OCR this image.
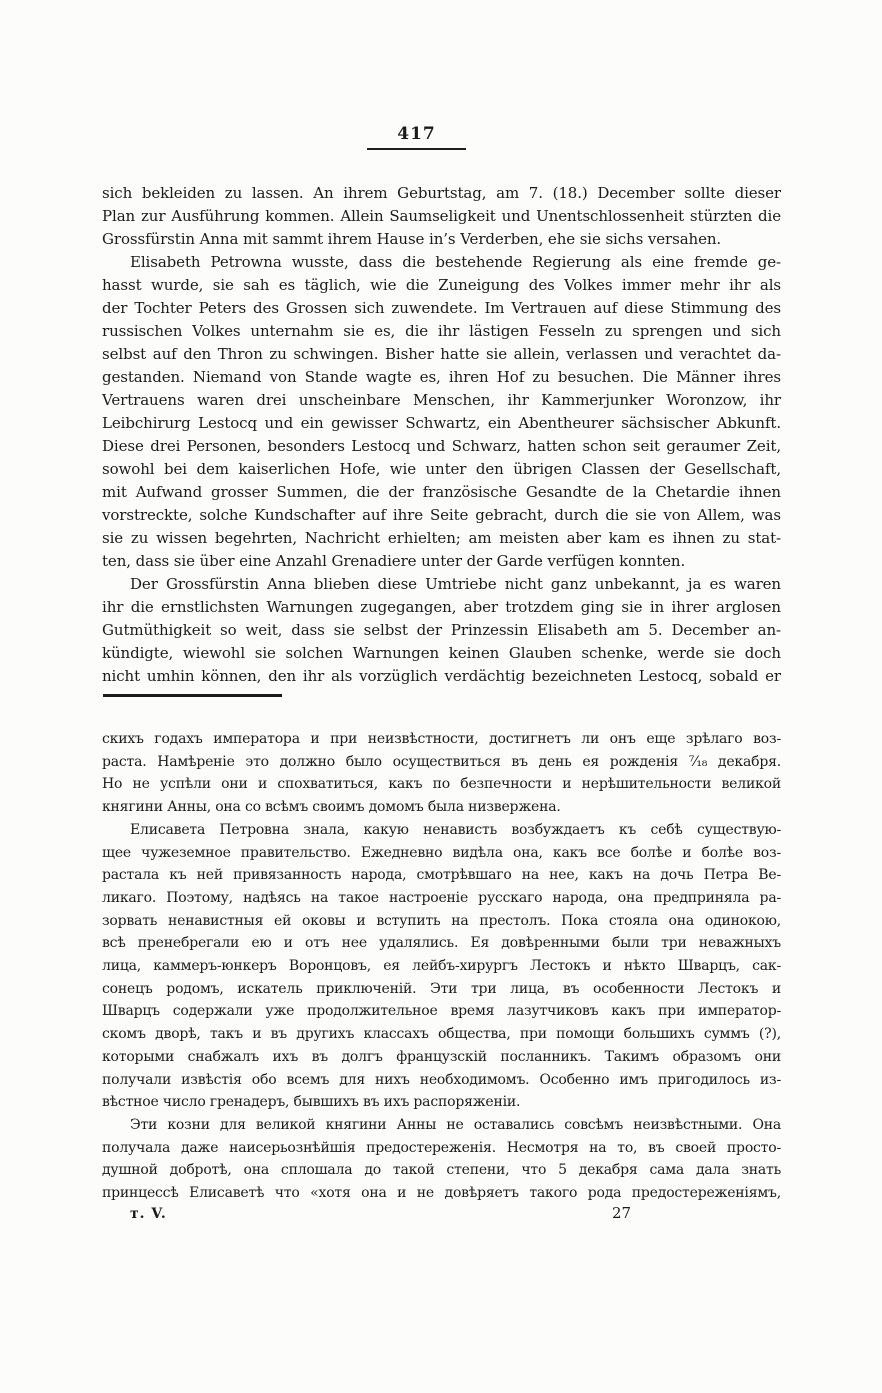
417
sich bekleiden zu lassen. An ihrem Geburtstag, am 7. (18.) December sollte dieser
Plan zur Ausführung kommen. Allein Saumseligkeit und Unentschlossenheit stürzten die
Grossfürstin Anna mit sammt ihrem Hause in’s Verderben, ehe sie sichs versahen.
Elisabeth Petrowna wusste, dass die bestehende Regierung als eine fremde ge-
hasst wurde, sie sah es täglich, wie die Zuneigung des Volkes immer mehr ihr als
der Tochter Peters des Grossen sich zuwendete. Im Vertrauen auf diese Stimmung des
russischen Volkes unternahm sie es, die ihr lästigen Fesseln zu sprengen und sich
selbst auf den Thron zu schwingen. Bisher hatte sie allein, verlassen und verachtet da-
gestanden. Niemand von Stande wagte es, ihren Hof zu besuchen. Die Männer ihres
Vertrauens waren drei unscheinbare Menschen, ihr Kammerjunker Woronzow, ihr
Leibchirurg Lestocq und ein gewisser Schwartz, ein Abentheurer sächsischer Abkunft.
Diese drei Personen, besonders Lestocq und Schwarz, hatten schon seit geraumer Zeit,
sowohl bei dem kaiserlichen Hofe, wie unter den übrigen Classen der Gesellschaft,
mit Aufwand grosser Summen, die der französische Gesandte de la Chetardie ihnen
vorstreckte, solche Kundschafter auf ihre Seite gebracht, durch die sie von Allem, was
sie zu wissen begehrten, Nachricht erhielten; am meisten aber kam es ihnen zu stat-
ten, dass sie über eine Anzahl Grenadiere unter der Garde verfügen konnten.
Der Grossfürstin Anna blieben diese Umtriebe nicht ganz unbekannt, ja es waren
ihr die ernstlichsten Warnungen zugegangen, aber trotzdem ging sie in ihrer arglosen
Gutmüthigkeit so weit, dass sie selbst der Prinzessin Elisabeth am 5. December an-
kündigte, wiewohl sie solchen Warnungen keinen Glauben schenke, werde sie doch
nicht umhin können, den ihr als vorzüglich verdächtig bezeichneten Lestocq, sobald er
скихъ годахъ императора и при неизвѣстности, достигнетъ ли онъ еще зрѣлаго воз-
раста. Намѣреніе это должно было осуществиться въ день ея рожденія ⁷⁄₁₈ декабря.
Но не успѣли они и спохватиться, какъ по безпечности и нерѣшительности великой
княгини Анны, она со всѣмъ своимъ домомъ была низвержена.
Елисавета Петровна знала, какую ненависть возбуждаетъ къ себѣ существую-
щее чужеземное правительство. Ежедневно видѣла она, какъ все болѣе и болѣе воз-
растала къ ней привязанность народа, смотрѣвшаго на нее, какъ на дочь Петра Ве-
ликаго. Поэтому, надѣясь на такое настроеніе русскаго народа, она предприняла ра-
зорвать ненавистныя ей оковы и вступить на престолъ. Пока стояла она одинокою,
всѣ пренебрегали ею и отъ нее удалялись. Ея довѣренными были три неважныхъ
лица, каммеръ-юнкеръ Воронцовъ, ея лейбъ-хирургъ Лестокъ и нѣкто Шварцъ, сак-
сонецъ родомъ, искатель приключеній. Эти три лица, въ особенности Лестокъ и
Шварцъ содержали уже продолжительное время лазутчиковъ какъ при император-
скомъ дворѣ, такъ и въ другихъ классахъ общества, при помощи большихъ суммъ (?),
которыми снабжалъ ихъ въ долгъ французскій посланникъ. Такимъ образомъ они
получали извѣстія обо всемъ для нихъ необходимомъ. Особенно имъ пригодилось из-
вѣстное число гренадеръ, бывшихъ въ ихъ распоряженіи.
Эти козни для великой княгини Анны не оставались совсѣмъ неизвѣстными. Она
получала даже наисерьознѣйшія предостереженія. Несмотря на то, въ своей просто-
душной добротѣ, она сплошала до такой степени, что 5 декабря сама дала знать
принцессѣ Елисаветѣ что «хотя она и не довѣряетъ такого рода предостереженіямъ,
т. V.	27
